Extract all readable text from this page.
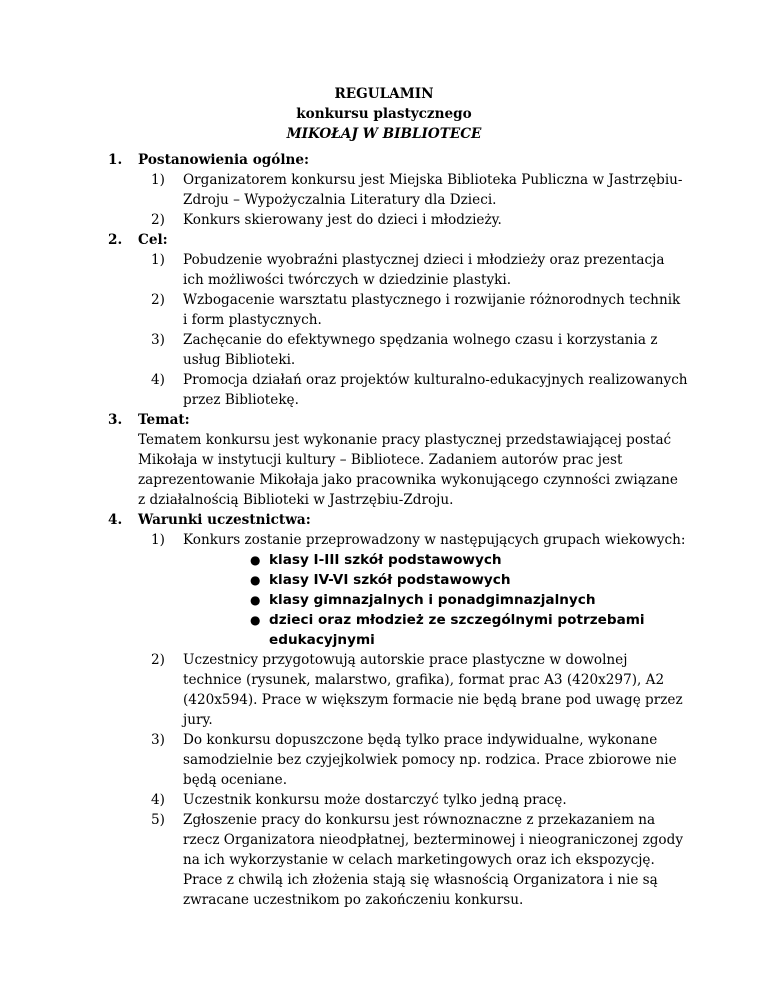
REGULAMIN
konkursu plastycznego
MIKOŁAJ W BIBLIOTECE
1.	Postanowienia ogólne:
1)	Organizatorem konkursu jest Miejska Biblioteka Publiczna w Jastrzębiu-Zdroju – Wypożyczalnia Literatury dla Dzieci.
2)	Konkurs skierowany jest do dzieci i młodzieży.
2.	Cel:
1)	Pobudzenie wyobraźni plastycznej dzieci i młodzieży oraz prezentacja ich możliwości twórczych w dziedzinie plastyki.
2)	Wzbogacenie warsztatu plastycznego i rozwijanie różnorodnych technik i form plastycznych.
3)	Zachęcanie do efektywnego spędzania wolnego czasu i korzystania z usług Biblioteki.
4)	Promocja działań oraz projektów kulturalno-edukacyjnych realizowanych przez Bibliotekę.
3.	Temat:
Tematem konkursu jest wykonanie pracy plastycznej przedstawiającej postać Mikołaja w instytucji kultury – Bibliotece. Zadaniem autorów prac jest zaprezentowanie Mikołaja jako pracownika wykonującego czynności związane z działalnością Biblioteki w Jastrzębiu-Zdroju.
4.	Warunki uczestnictwa:
1)	Konkurs zostanie przeprowadzony w następujących grupach wiekowych:
● klasy I-III szkół podstawowych
● klasy IV-VI szkół podstawowych
● klasy gimnazjalnych i ponadgimnazjalnych
● dzieci oraz młodzież ze szczególnymi potrzebami edukacyjnymi
2)	Uczestnicy przygotowują autorskie prace plastyczne w dowolnej technice (rysunek, malarstwo, grafika), format prac A3 (420x297), A2 (420x594). Prace w większym formacie nie będą brane pod uwagę przez jury.
3)	Do konkursu dopuszczone będą tylko prace indywidualne, wykonane samodzielnie bez czyjejkolwiek pomocy np. rodzica. Prace zbiorowe nie będą oceniane.
4)	Uczestnik konkursu może dostarczyć tylko jedną pracę.
5)	Zgłoszenie pracy do konkursu jest równoznaczne z przekazaniem na rzecz Organizatora nieodpłatnej, bezterminowej i nieograniczonej zgody na ich wykorzystanie w celach marketingowych oraz ich ekspozycję. Prace z chwilą ich złożenia stają się własnością Organizatora i nie są zwracane uczestnikom po zakończeniu konkursu.
